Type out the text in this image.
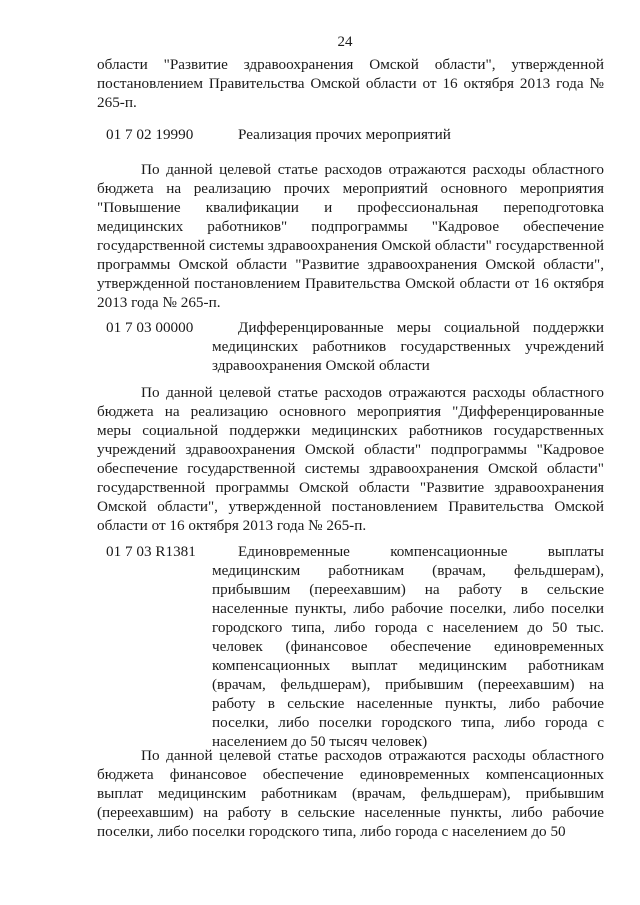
24

области "Развитие здравоохранения Омской области", утвержденной постановлением Правительства Омской области от 16 октября 2013 года № 265-п.

01 7 02 19990	Реализация прочих мероприятий

По данной целевой статье расходов отражаются расходы областного бюджета на реализацию прочих мероприятий основного мероприятия "Повышение квалификации и профессиональная переподготовка медицинских работников" подпрограммы "Кадровое обеспечение государственной системы здравоохранения Омской области" государственной программы Омской области "Развитие здравоохранения Омской области", утвержденной постановлением Правительства Омской области от 16 октября 2013 года № 265-п.

01 7 03 00000	Дифференцированные меры социальной поддержки медицинских работников государственных учреждений здравоохранения Омской области

По данной целевой статье расходов отражаются расходы областного бюджета на реализацию основного мероприятия "Дифференцированные меры социальной поддержки медицинских работников государственных учреждений здравоохранения Омской области" подпрограммы "Кадровое обеспечение государственной системы здравоохранения Омской области" государственной программы Омской области "Развитие здравоохранения Омской области", утвержденной постановлением Правительства Омской области от 16 октября 2013 года № 265-п.

01 7 03 R1381	Единовременные компенсационные выплаты медицинским работникам (врачам, фельдшерам), прибывшим (переехавшим) на работу в сельские населенные пункты, либо рабочие поселки, либо поселки городского типа, либо города с населением до 50 тыс. человек (финансовое обеспечение единовременных компенсационных выплат медицинским работникам (врачам, фельдшерам), прибывшим (переехавшим) на работу в сельские населенные пункты, либо рабочие поселки, либо поселки городского типа, либо города с населением до 50 тысяч человек)

По данной целевой статье расходов отражаются расходы областного бюджета финансовое обеспечение единовременных компенсационных выплат медицинским работникам (врачам, фельдшерам), прибывшим (переехавшим) на работу в сельские населенные пункты, либо рабочие поселки, либо поселки городского типа, либо города с населением до 50
